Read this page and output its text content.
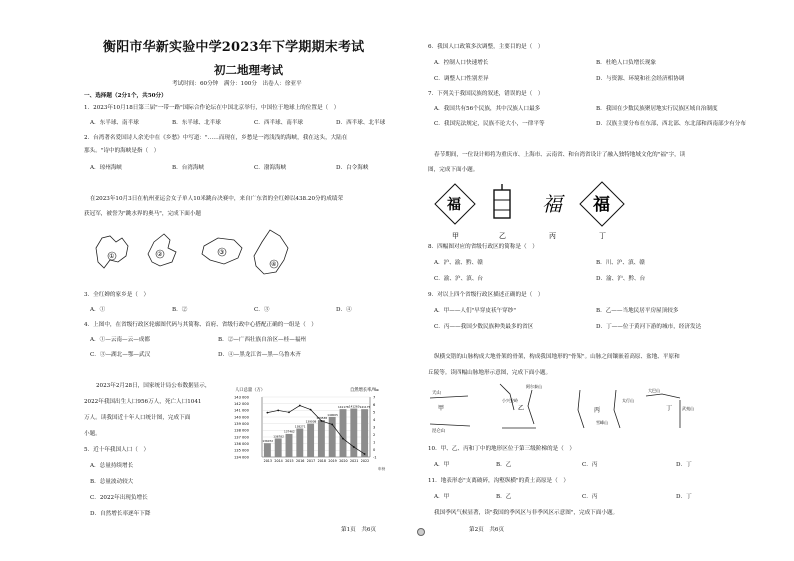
衡阳市华新实验中学2023年下学期期末考试
初二地理考试
考试时间：60分钟　满分：100分　出卷人：徐亚平
一、选择题（2分1个，共50分）
1．2023年10月18日第三届"一带一路"国际合作论坛在中国北京举行，中国位于地球上的位置是（　）
A．东半球、南半球	B．东半球、北半球	C．西半球、南半球	D．西半球、北半球
2．台湾著名爱国诗人余光中在《乡愁》中写道："……而现在，乡愁是一湾浅浅的海峡，我在这头，大陆在
那头。"诗中的海峡是指（　）
A．琼州海峡	B．台湾海峡	C．渤海海峡	D．白令海峡
在2023年10月3日在杭州亚运会女子单人10米跳台决赛中，来自广东省的全红婵以438.20分的成绩荣
获冠军，被誉为"跳水界的奥马"，完成下面小题
①	②	③
④
3．全红婵的家乡是（　）
A．①	B．②	C．③	D．④
4．上图中，在省级行政区轮廓图代码与其简称、首府、省级行政中心搭配正确的一组是（　）
A．①—云南—云—成都	B．②—广西壮族自治区—桂—福州
C．③—湖北—鄂—武汉	D．④—黑龙江省—黑—乌鲁木齐
2023年2月28日，国家统计局公布数据显示，
2022年我国出生人口956万人，死亡人口1041
万人。读我国近十年人口统计图，完成下面
小题。
5．近十年我国人口（　）
A．总量持续增长
B．总量波动较大
C．2022年出现负增长
D．自然增长率逐年下降
人口总量（万）	自然增长率/‰
年份
143 000
142 000
141 000
140 000
139 000
138 000
137 000
136 000
135 000
134 000
7
6
5
4
3
2
1
0
-1
136072
136782
137462
138271
139008
139538
140005
141178 141260 141175
2013 2014 2015 2016 2017 2018 2019 2020 2021 2022
第1页　共6页
6．我国人口政策多次调整，主要目的是（　）
A．控制人口快速增长	B．杜绝人口负增长现象
C．调整人口性别差异	D．与资源、环境和社会经济相协调
7．下列关于我国民族的叙述，错误的是（　）
A．我国共有56个民族，其中汉族人口最多	B．我国在少数民族聚居地实行民族区域自治制度
C．我国宪法规定，民族不论大小，一律平等	D．汉族主要分布在东部，西北部、东北部和西南部少有分布
春节期间，一位设计师将为重庆市、上海市、云南省、和台湾省设计了融入独特地域文化的"福"字，读
图，完成下面小题。
福	福 福
甲	乙	丙	丁
8．四幅图对应的省级行政区的简称是（　）
A．沪、渝、黔、赣	B．川、沪、滇、赣
C．渝、沪、滇、台	D．渝、沪、黔、台
9．对以上四个省级行政区描述正确的是（　）
A．甲——人们"早穿皮袄午穿纱"	B．乙——当地民居平房屋顶较多
C．丙——我国少数民族种类最多的省区	D．丁——位于黄河下游的城市，经济发达
纵横交错的山脉构成大地骨架的骨架，构成我国地形的"骨架"。山脉之间镶嵌着高原、盆地、平原和
丘陵等。读四幅山脉地形示意图，完成下面小题。
甲
天山
昆仑山
乙
阿尔泰山
小兴安岭
丙
太行山
雪峰山
丁
大巴山
武夷山
10．甲、乙、丙和丁中的地形区位于第三级阶梯的是（　）
A．甲	B．乙	C．丙	D．丁
11．地表形态"支离破碎，沟壑纵横"的黄土高原是（　）
A．甲	B．乙	C．丙	D．丁
我国季风气候显著，读"我国的季风区与非季风区示意图"，完成下面小题。
第2页　共6页
